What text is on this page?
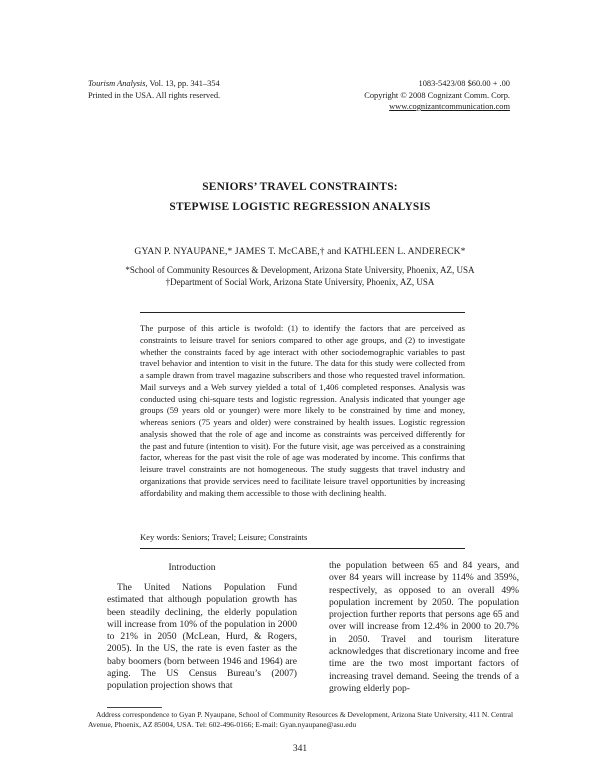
Tourism Analysis, Vol. 13, pp. 341–354
Printed in the USA. All rights reserved.
1083-5423/08 $60.00 + .00
Copyright © 2008 Cognizant Comm. Corp.
www.cognizantcommunication.com
SENIORS’ TRAVEL CONSTRAINTS:
STEPWISE LOGISTIC REGRESSION ANALYSIS
GYAN P. NYAUPANE,* JAMES T. McCABE,† and KATHLEEN L. ANDERECK*
*School of Community Resources & Development, Arizona State University, Phoenix, AZ, USA
†Department of Social Work, Arizona State University, Phoenix, AZ, USA

The purpose of this article is twofold: (1) to identify the factors that are perceived as constraints to leisure travel for seniors compared to other age groups, and (2) to investigate whether the constraints faced by age interact with other sociodemographic variables to past travel behavior and intention to visit in the future. The data for this study were collected from a sample drawn from travel magazine subscribers and those who requested travel information. Mail surveys and a Web survey yielded a total of 1,406 completed responses. Analysis was conducted using chi-square tests and logistic regression. Analysis indicated that younger age groups (59 years old or younger) were more likely to be constrained by time and money, whereas seniors (75 years and older) were constrained by health issues. Logistic regression analysis showed that the role of age and income as constraints was perceived differently for the past and future (intention to visit). For the future visit, age was perceived as a constraining factor, whereas for the past visit the role of age was moderated by income. This confirms that leisure travel constraints are not homogeneous. The study suggests that travel industry and organizations that provide services need to facilitate leisure travel opportunities by increasing affordability and making them accessible to those with declining health.

Key words: Seniors; Travel; Leisure; Constraints
Introduction

The United Nations Population Fund estimated that although population growth has been steadily declining, the elderly population will increase from 10% of the population in 2000 to 21% in 2050 (McLean, Hurd, & Rogers, 2005). In the US, the rate is even faster as the baby boomers (born between 1946 and 1964) are aging. The US Census Bureau’s (2007) population projection shows that

the population between 65 and 84 years, and over 84 years will increase by 114% and 359%, respectively, as opposed to an overall 49% population increment by 2050. The population projection further reports that persons age 65 and over will increase from 12.4% in 2000 to 20.7% in 2050. Travel and tourism literature acknowledges that discretionary income and free time are the two most important factors of increasing travel demand. Seeing the trends of a growing elderly pop-

Address correspondence to Gyan P. Nyaupane, School of Community Resources & Development, Arizona State University, 411 N. Central Avenue, Phoenix, AZ 85004, USA. Tel: 602-496-0166; E-mail: Gyan.nyaupane@asu.edu

341
